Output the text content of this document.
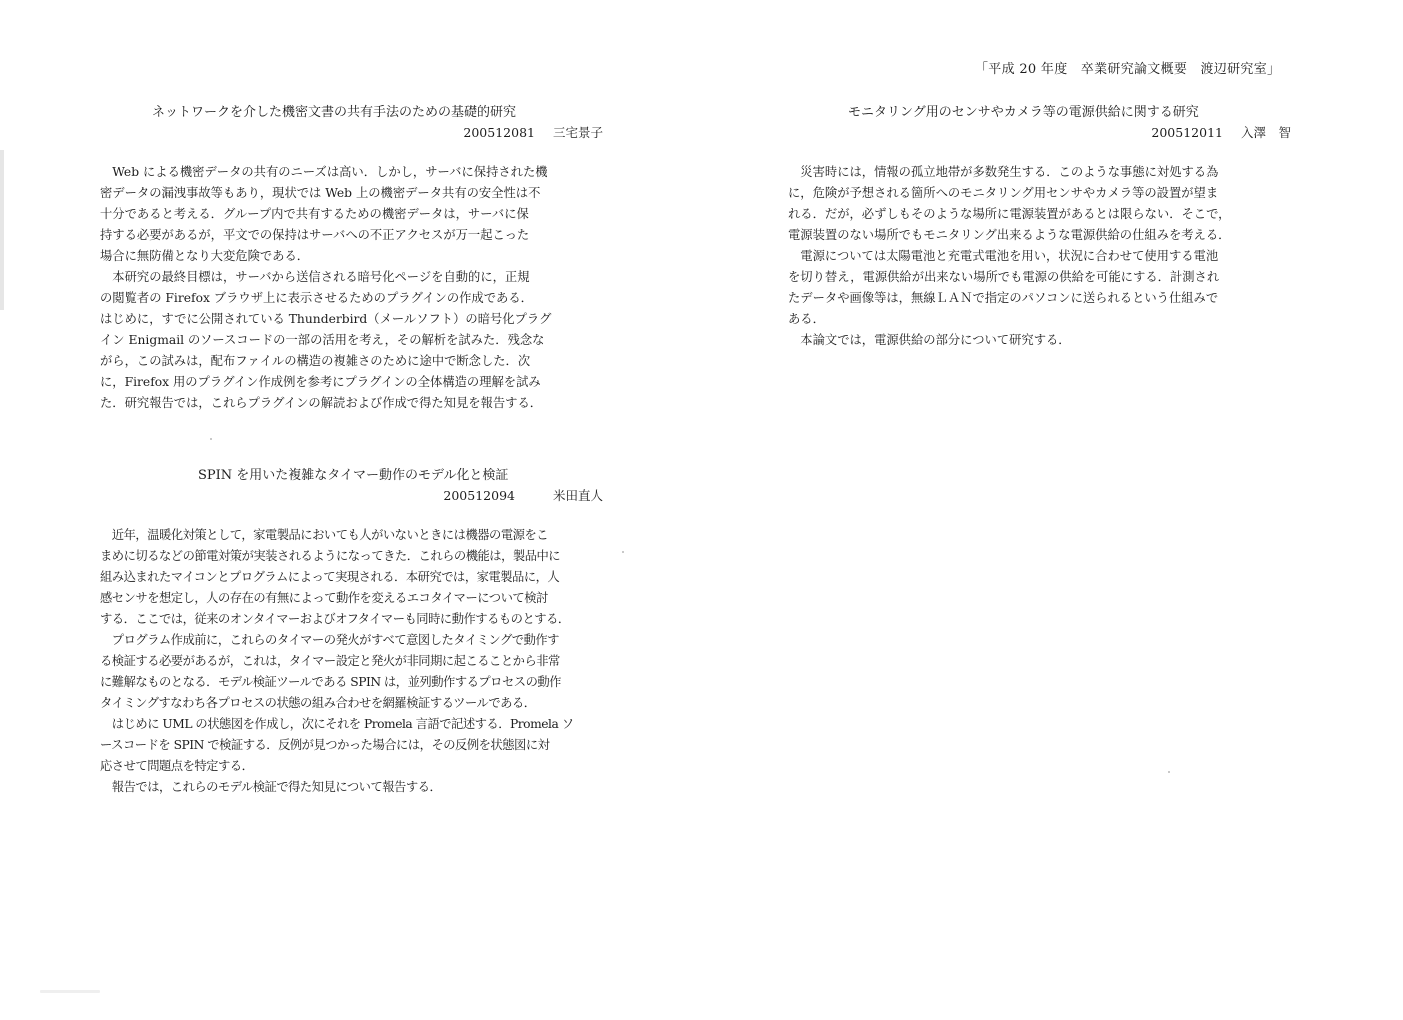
「平成 20 年度　卒業研究論文概要　渡辺研究室」
ネットワークを介した機密文書の共有手法のための基礎的研究
200512081 三宅景子
　Web による機密データの共有のニーズは高い．しかし，サーバに保持された機
密データの漏洩事故等もあり，現状では Web 上の機密データ共有の安全性は不
十分であると考える．グループ内で共有するための機密データは，サーバに保
持する必要があるが，平文での保持はサーバへの不正アクセスが万一起こった
場合に無防備となり大変危険である．
　本研究の最終目標は，サーバから送信される暗号化ページを自動的に，正規
の閲覧者の Firefox ブラウザ上に表示させるためのプラグインの作成である．
はじめに，すでに公開されている Thunderbird（メールソフト）の暗号化プラグ
イン Enigmail のソースコードの一部の活用を考え，その解析を試みた．残念な
がら，この試みは，配布ファイルの構造の複雑さのために途中で断念した．次
に，Firefox 用のプラグイン作成例を参考にプラグインの全体構造の理解を試み
た．研究報告では，これらプラグインの解読および作成で得た知見を報告する．
SPIN を用いた複雑なタイマー動作のモデル化と検証
200512094	米田直人
　近年，温暖化対策として，家電製品においても人がいないときには機器の電源をこ
まめに切るなどの節電対策が実装されるようになってきた．これらの機能は，製品中に
組み込まれたマイコンとプログラムによって実現される．本研究では，家電製品に，人
感センサを想定し，人の存在の有無によって動作を変えるエコタイマーについて検討
する．ここでは，従来のオンタイマーおよびオフタイマーも同時に動作するものとする．
　プログラム作成前に，これらのタイマーの発火がすべて意図したタイミングで動作す
る検証する必要があるが，これは，タイマー設定と発火が非同期に起こることから非常
に難解なものとなる．モデル検証ツールである SPIN は，並列動作するプロセスの動作
タイミングすなわち各プロセスの状態の組み合わせを網羅検証するツールである．
　はじめに UML の状態図を作成し，次にそれを Promela 言語で記述する．Promela ソ
ースコードを SPIN で検証する．反例が見つかった場合には，その反例を状態図に対
応させて問題点を特定する．
　報告では，これらのモデル検証で得た知見について報告する．
モニタリング用のセンサやカメラ等の電源供給に関する研究
200512011 入澤　智
　災害時には，情報の孤立地帯が多数発生する．このような事態に対処する為
に，危険が予想される箇所へのモニタリング用センサやカメラ等の設置が望ま
れる．だが，必ずしもそのような場所に電源装置があるとは限らない．そこで，
電源装置のない場所でもモニタリング出来るような電源供給の仕組みを考える．
　電源については太陽電池と充電式電池を用い，状況に合わせて使用する電池
を切り替え，電源供給が出来ない場所でも電源の供給を可能にする．計測され
たデータや画像等は，無線ＬＡＮで指定のパソコンに送られるという仕組みで
ある．
　本論文では，電源供給の部分について研究する．
